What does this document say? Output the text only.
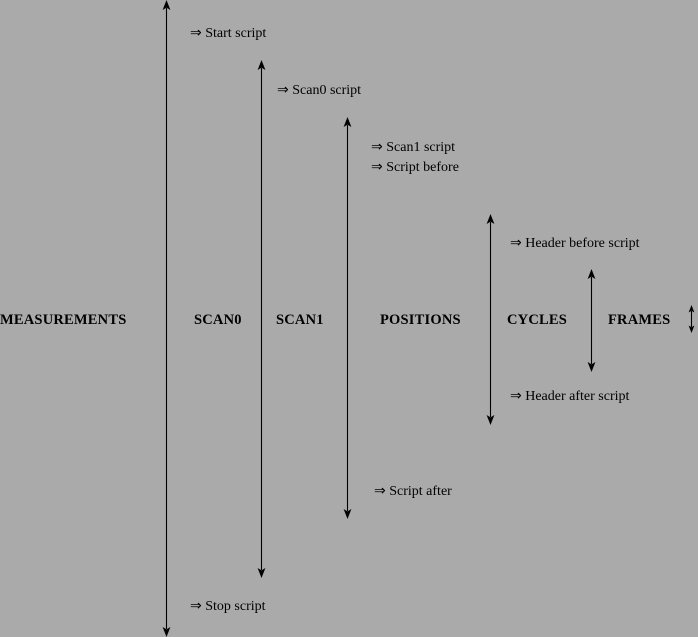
MEASUREMENTS	SCAN0 SCAN1	POSITIONS	CYCLES	FRAMES
⇒ Start script
⇒ Scan0 script
⇒ Scan1 script
⇒ Script before
⇒ Header before script
⇒ Header after script
⇒ Script after
⇒ Stop script
